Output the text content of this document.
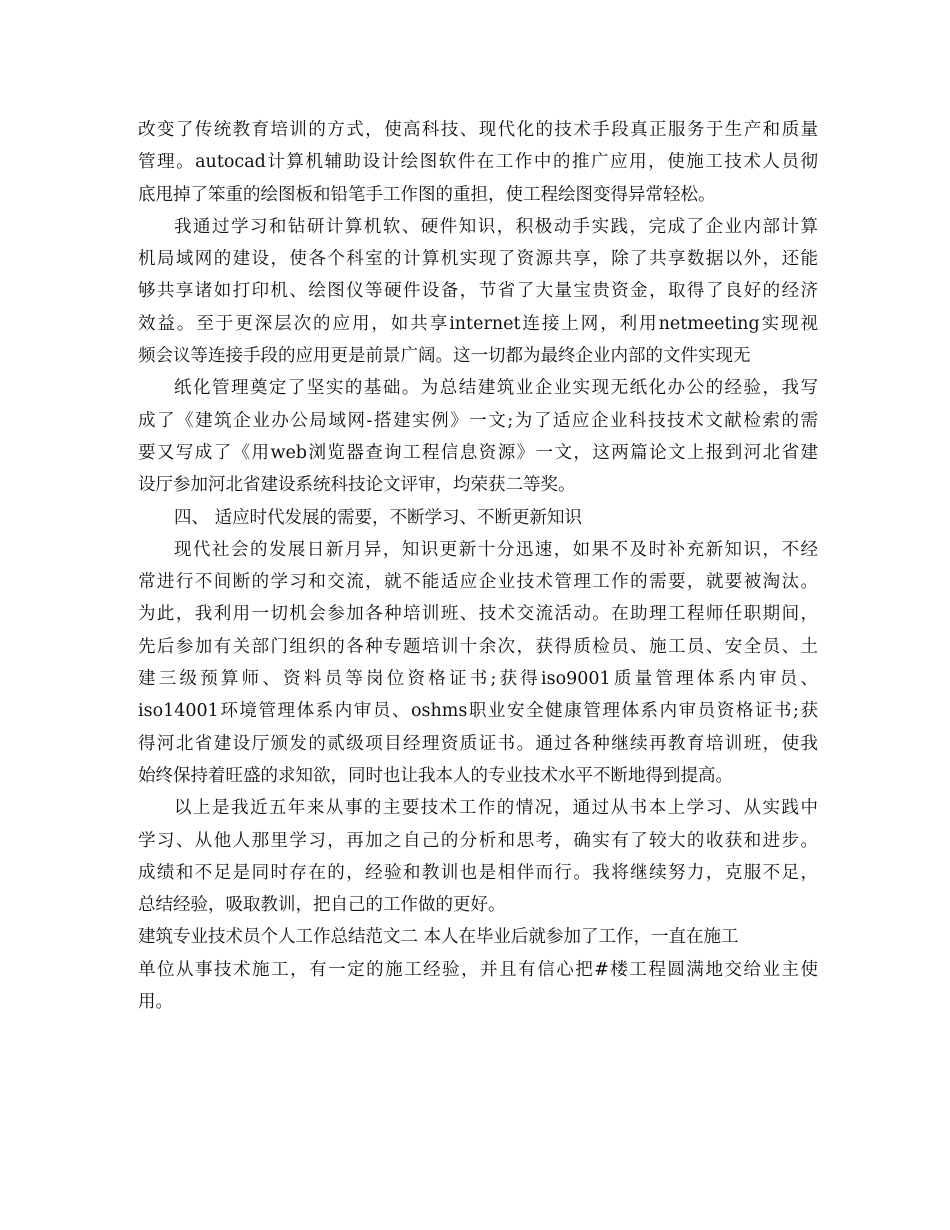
改变了传统教育培训的方式，使高科技、现代化的技术手段真正服务于生产和质量
管理。autocad计算机辅助设计绘图软件在工作中的推广应用，使施工技术人员彻
底甩掉了笨重的绘图板和铅笔手工作图的重担，使工程绘图变得异常轻松。
我通过学习和钻研计算机软、硬件知识，积极动手实践，完成了企业内部计算
机局域网的建设，使各个科室的计算机实现了资源共享，除了共享数据以外，还能
够共享诸如打印机、绘图仪等硬件设备，节省了大量宝贵资金，取得了良好的经济
效益。至于更深层次的应用，如共享internet连接上网，利用netmeeting实现视
频会议等连接手段的应用更是前景广阔。这一切都为最终企业内部的文件实现无
纸化管理奠定了坚实的基础。为总结建筑业企业实现无纸化办公的经验，我写
成了《建筑企业办公局域网-搭建实例》一文;为了适应企业科技技术文献检索的需
要又写成了《用web浏览器查询工程信息资源》一文，这两篇论文上报到河北省建
设厅参加河北省建设系统科技论文评审，均荣获二等奖。
四、 适应时代发展的需要，不断学习、不断更新知识
现代社会的发展日新月异，知识更新十分迅速，如果不及时补充新知识，不经
常进行不间断的学习和交流，就不能适应企业技术管理工作的需要，就要被淘汰。
为此，我利用一切机会参加各种培训班、技术交流活动。在助理工程师任职期间，
先后参加有关部门组织的各种专题培训十余次，获得质检员、施工员、安全员、土
建三级预算师、资料员等岗位资格证书;获得iso9001质量管理体系内审员、
iso14001环境管理体系内审员、oshms职业安全健康管理体系内审员资格证书;获
得河北省建设厅颁发的贰级项目经理资质证书。通过各种继续再教育培训班，使我
始终保持着旺盛的求知欲，同时也让我本人的专业技术水平不断地得到提高。
以上是我近五年来从事的主要技术工作的情况，通过从书本上学习、从实践中
学习、从他人那里学习，再加之自己的分析和思考，确实有了较大的收获和进步。
成绩和不足是同时存在的，经验和教训也是相伴而行。我将继续努力，克服不足，
总结经验，吸取教训，把自己的工作做的更好。
建筑专业技术员个人工作总结范文二 本人在毕业后就参加了工作，一直在施工
单位从事技术施工，有一定的施工经验，并且有信心把#楼工程圆满地交给业主使
用。
